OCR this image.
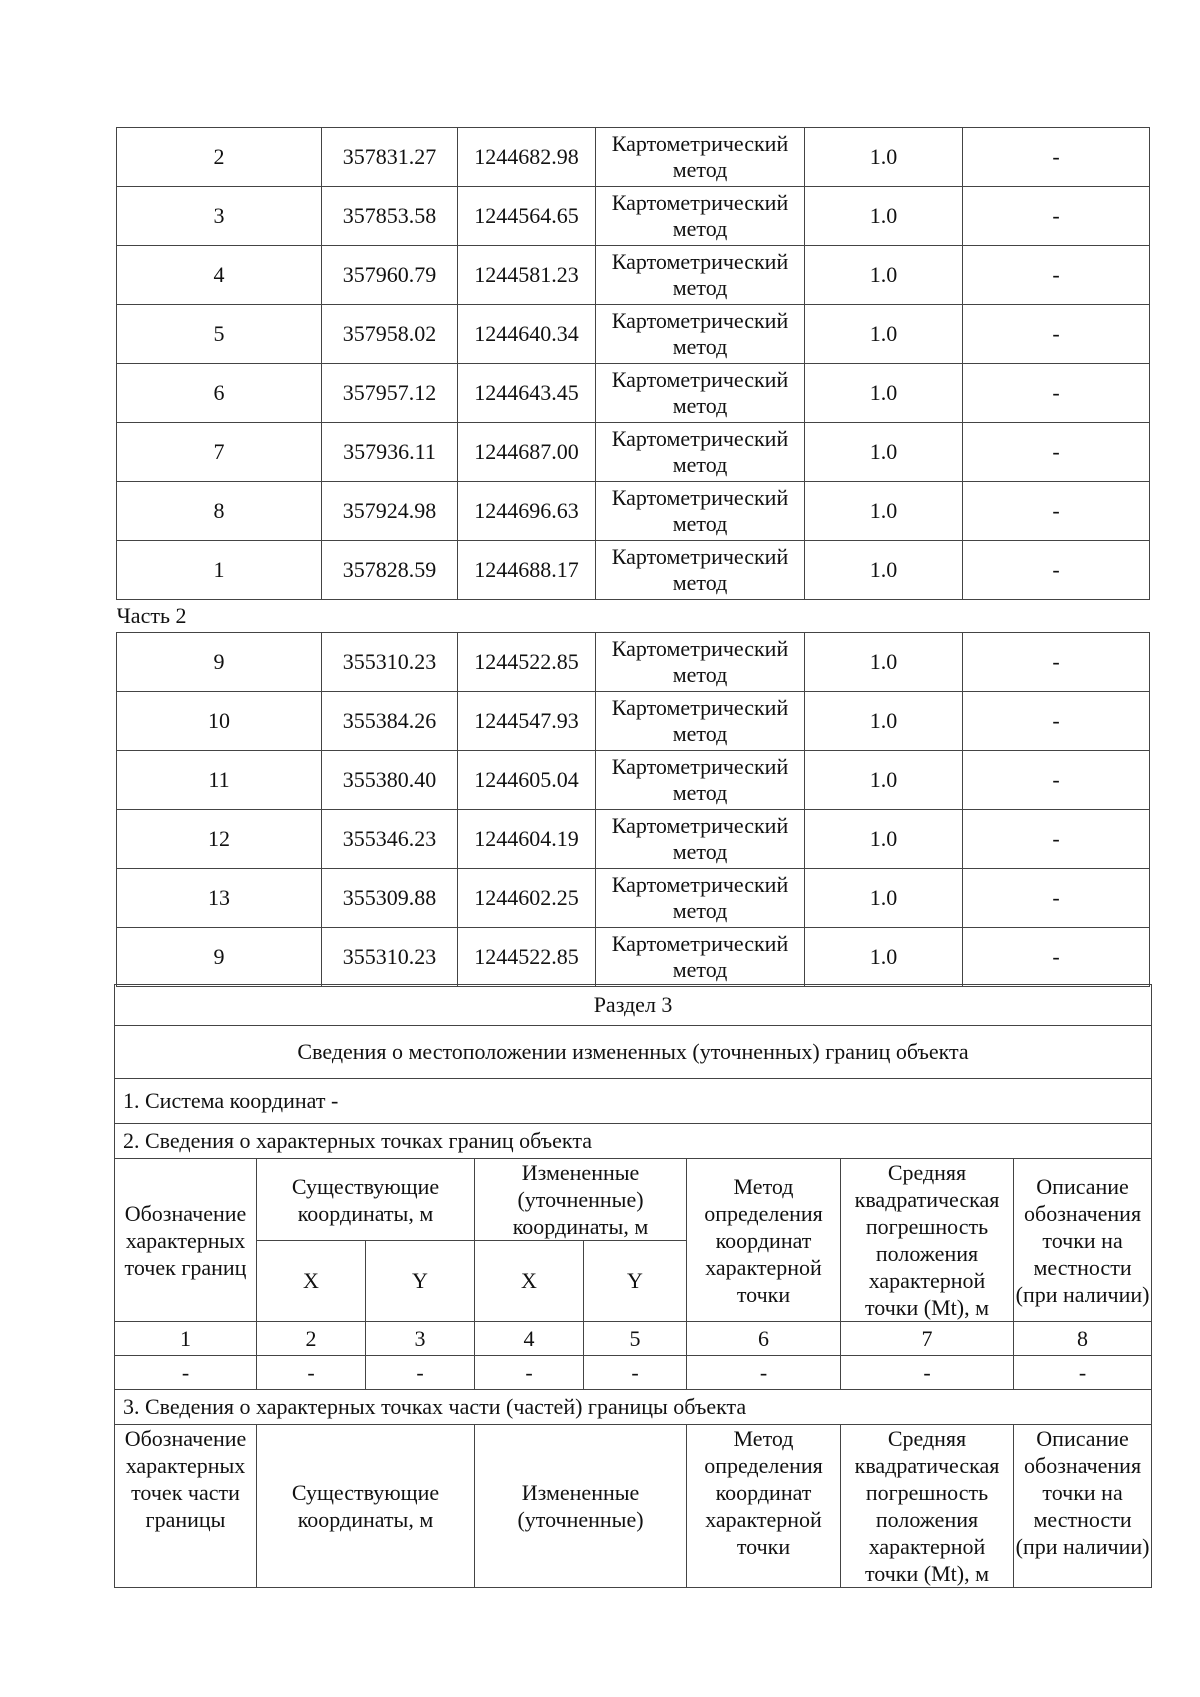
2	357831.27	1244682.98	Картометрический метод	1.0	-
3	357853.58	1244564.65	Картометрический метод	1.0	-
4	357960.79	1244581.23	Картометрический метод	1.0	-
5	357958.02	1244640.34	Картометрический метод	1.0	-
6	357957.12	1244643.45	Картометрический метод	1.0	-
7	357936.11	1244687.00	Картометрический метод	1.0	-
8	357924.98	1244696.63	Картометрический метод	1.0	-
1	357828.59	1244688.17	Картометрический метод	1.0	-
Часть 2					
9	355310.23	1244522.85	Картометрический метод	1.0	-
10	355384.26	1244547.93	Картометрический метод	1.0	-
11	355380.40	1244605.04	Картометрический метод	1.0	-
12	355346.23	1244604.19	Картометрический метод	1.0	-
13	355309.88	1244602.25	Картометрический метод	1.0	-
9	355310.23	1244522.85	Картометрический метод	1.0	-
Раздел 3							
Сведения о местоположении измененных (уточненных) границ объекта							
1. Система координат -							
2. Сведения о характерных точках границ объекта							
Обозначение характерных точек границ	Существующие координаты, м		Измененные (уточненные) координаты, м		Метод определения координат характерной точки	Средняя квадратическая погрешность положения характерной точки (Mt), м	Описание обозначения точки на местности (при наличии)
	X	Y	X	Y			
1	2	3	4	5	6	7	8
-	-	-	-	-	-	-	-
3. Сведения о характерных точках части (частей) границы объекта							
Обозначение характерных точек части границы	Существующие координаты, м		Измененные (уточненные)		Метод определения координат характерной точки	Средняя квадратическая погрешность положения характерной точки (Mt), м	Описание обозначения точки на местности (при наличии)
